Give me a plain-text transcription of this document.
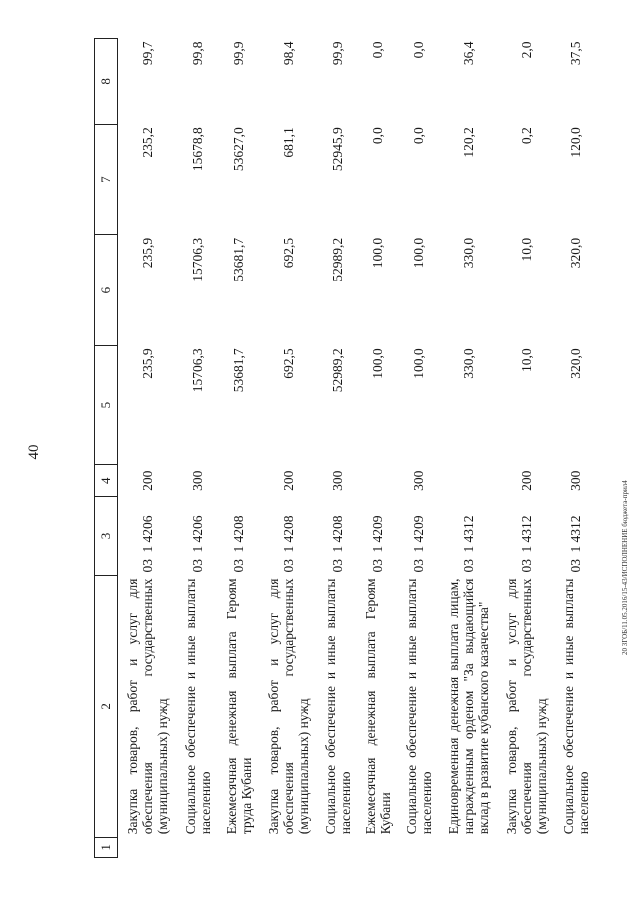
40
20 ЗГОБ/11.05.2016/15-43/ИСПОЛНЕНИЕ бюджета-прил4
1	2	3	4	5	6	7	8
	Закупка товаров, работ и услуг для обеспечения государственных (муниципальных) нужд	0314206	200	235,9	235,9	235,2	99,7
	Социальное обеспечение и иные выплаты населению	0314206	300	15706,3	15706,3	15678,8	99,8
	Ежемесячная денежная выплата Героям труда Кубани	0314208		53681,7	53681,7	53627,0	99,9
	Закупка товаров, работ и услуг для обеспечения государственных (муниципальных) нужд	0314208	200	692,5	692,5	681,1	98,4
	Социальное обеспечение и иные выплаты населению	0314208	300	52989,2	52989,2	52945,9	99,9
	Ежемесячная денежная выплата Героям Кубани	0314209		100,0	100,0	0,0	0,0
	Социальное обеспечение и иные выплаты населению	0314209	300	100,0	100,0	0,0	0,0
	Единовременная денежная выплата лицам, награжденным орденом "За выдающийся вклад в развитие кубанского казачества"	0314312		330,0	330,0	120,2	36,4
	Закупка товаров, работ и услуг для обеспечения государственных (муниципальных) нужд	0314312	200	10,0	10,0	0,2	2,0
	Социальное обеспечение и иные выплаты населению	0314312	300	320,0	320,0	120,0	37,5
